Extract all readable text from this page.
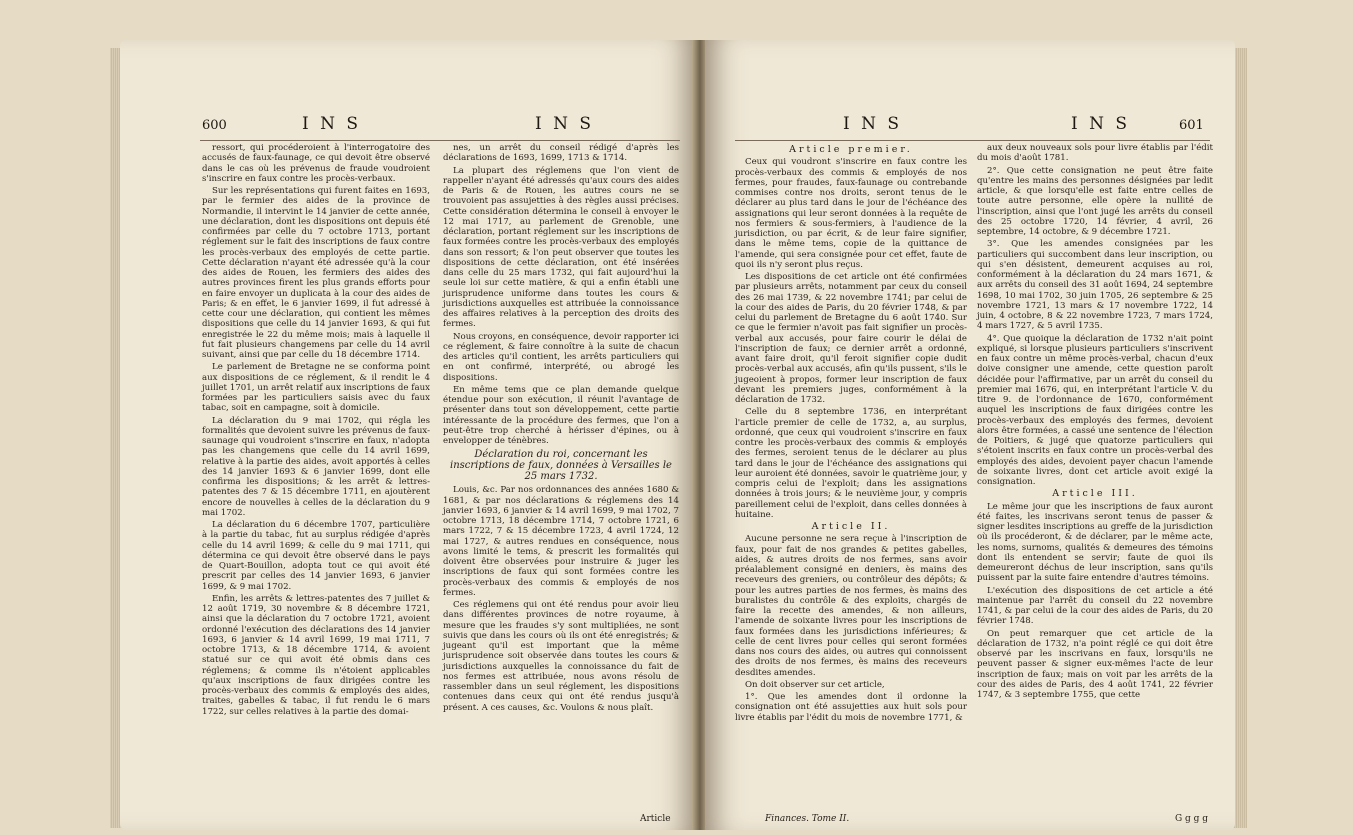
600	I N S	I N S

ressort, qui procéderoient à l'interrogatoire des accusés de faux-faunage, ce qui devoit être observé dans le cas où les prévenus de fraude voudroient s'inscrire en faux contre les procès-verbaux.

Sur les représentations qui furent faites en 1693, par le fermier des aides de la province de Normandie, il intervint le 14 janvier de cette année, une déclaration, dont les dispositions ont depuis été confirmées par celle du 7 octobre 1713, portant réglement sur le fait des inscriptions de faux contre les procès-verbaux des employés de cette partie. Cette déclaration n'ayant été adressée qu'à la cour des aides de Rouen, les fermiers des aides des autres provinces firent les plus grands efforts pour en faire envoyer un duplicata à la cour des aides de Paris; & en effet, le 6 janvier 1699, il fut adressé à cette cour une déclaration, qui contient les mêmes dispositions que celle du 14 janvier 1693, & qui fut enregistrée le 22 du même mois; mais à laquelle il fut fait plusieurs changemens par celle du 14 avril suivant, ainsi que par celle du 18 décembre 1714.

Le parlement de Bretagne ne se conforma point aux dispositions de ce réglement, & il rendit le 4 juillet 1701, un arrêt relatif aux inscriptions de faux formées par les particuliers saisis avec du faux tabac, soit en campagne, soit à domicile.

La déclaration du 9 mai 1702, qui régla les formalités que devoient suivre les prévenus de faux-saunage qui voudroient s'inscrire en faux, n'adopta pas les changemens que celle du 14 avril 1699, relative à la partie des aides, avoit apportés à celles des 14 janvier 1693 & 6 janvier 1699, dont elle confirma les dispositions; & les arrêt & lettres-patentes des 7 & 15 décembre 1711, en ajoutèrent encore de nouvelles à celles de la déclaration du 9 mai 1702.

La déclaration du 6 décembre 1707, particulière à la partie du tabac, fut au surplus rédigée d'après celle du 14 avril 1699; & celle du 9 mai 1711, qui détermina ce qui devoit être observé dans le pays de Quart-Bouillon, adopta tout ce qui avoit été prescrit par celles des 14 janvier 1693, 6 janvier 1699, & 9 mai 1702.

Enfin, les arrêts & lettres-patentes des 7 juillet & 12 août 1719, 30 novembre & 8 décembre 1721, ainsi que la déclaration du 7 octobre 1721, avoient ordonné l'exécution des déclarations des 14 janvier 1693, 6 janvier & 14 avril 1699, 19 mai 1711, 7 octobre 1713, & 18 décembre 1714, & avoient statué sur ce qui avoit été obmis dans ces réglemens; & comme ils n'étoient applicables qu'aux inscriptions de faux dirigées contre les procès-verbaux des commis & employés des aides, traites, gabelles & tabac, il fut rendu le 6 mars 1722, sur celles relatives à la partie des domai-

nes, un arrêt du conseil rédigé d'après les déclarations de 1693, 1699, 1713 & 1714.

La plupart des réglemens que l'on vient de rappeller n'ayant été adressés qu'aux cours des aides de Paris & de Rouen, les autres cours ne se trouvoient pas assujetties à des règles aussi précises. Cette considération détermina le conseil à envoyer le 12 mai 1717, au parlement de Grenoble, une déclaration, portant réglement sur les inscriptions de faux formées contre les procès-verbaux des employés dans son ressort; & l'on peut observer que toutes les dispositions de cette déclaration, ont été insérées dans celle du 25 mars 1732, qui fait aujourd'hui la seule loi sur cette matière, & qui a enfin établi une jurisprudence uniforme dans toutes les cours & jurisdictions auxquelles est attribuée la connoissance des affaires relatives à la perception des droits des fermes.

Nous croyons, en conséquence, devoir rapporter ici ce réglement, & faire connoître à la suite de chacun des articles qu'il contient, les arrêts particuliers qui en ont confirmé, interprété, ou abrogé les dispositions.

En même tems que ce plan demande quelque étendue pour son exécution, il réunit l'avantage de présenter dans tout son développement, cette partie intéressante de la procédure des fermes, que l'on a peut-être trop cherché à hérisser d'épines, ou à envelopper de ténèbres.

Déclaration du roi, concernant les inscriptions de faux, données à Versailles le 25 mars 1732.

Louis, &c. Par nos ordonnances des années 1680 & 1681, & par nos déclarations & réglemens des 14 janvier 1693, 6 janvier & 14 avril 1699, 9 mai 1702, 7 octobre 1713, 18 décembre 1714, 7 octobre 1721, 6 mars 1722, 7 & 15 décembre 1723, 4 avril 1724, 12 mai 1727, & autres rendues en conséquence, nous avons limité le tems, & prescrit les formalités qui doivent être observées pour instruire & juger les inscriptions de faux qui sont formées contre les procès-verbaux des commis & employés de nos fermes.

Ces réglemens qui ont été rendus pour avoir lieu dans différentes provinces de notre royaume, à mesure que les fraudes s'y sont multipliées, ne sont suivis que dans les cours où ils ont été enregistrés; & jugeant qu'il est important que la même jurisprudence soit observée dans toutes les cours & jurisdictions auxquelles la connoissance du fait de nos fermes est attribuée, nous avons résolu de rassembler dans un seul réglement, les dispositions contenues dans ceux qui ont été rendus jusqu'à présent. A ces causes, &c. Voulons & nous plaît.

Article
I N S	I N S	601
Article premier.

Ceux qui voudront s'inscrire en faux contre les procès-verbaux des commis & employés de nos fermes, pour fraudes, faux-faunage ou contrebande commises contre nos droits, seront tenus de le déclarer au plus tard dans le jour de l'échéance des assignations qui leur seront données à la requête de nos fermiers & sous-fermiers, à l'audience de la jurisdiction, ou par écrit, & de leur faire signifier, dans le même tems, copie de la quittance de l'amende, qui sera consignée pour cet effet, faute de quoi ils n'y seront plus reçus.

Les dispositions de cet article ont été confirmées par plusieurs arrêts, notamment par ceux du conseil des 26 mai 1739, & 22 novembre 1741; par celui de la cour des aides de Paris, du 20 février 1748, & par celui du parlement de Bretagne du 6 août 1740. Sur ce que le fermier n'avoit pas fait signifier un procès-verbal aux accusés, pour faire courir le délai de l'inscription de faux; ce dernier arrêt a ordonné, avant faire droit, qu'il feroit signifier copie dudit procès-verbal aux accusés, afin qu'ils pussent, s'ils le jugeoient à propos, former leur inscription de faux devant les premiers juges, conformément à la déclaration de 1732.

Celle du 8 septembre 1736, en interprétant l'article premier de celle de 1732, a, au surplus, ordonné, que ceux qui voudroient s'inscrire en faux contre les procès-verbaux des commis & employés des fermes, seroient tenus de le déclarer au plus tard dans le jour de l'échéance des assignations qui leur auroient été données, savoir le quatrième jour, y compris celui de l'exploit; dans les assignations données à trois jours; & le neuvième jour, y compris pareillement celui de l'exploit, dans celles données à huitaine.

Article II.

Aucune personne ne sera reçue à l'inscription de faux, pour fait de nos grandes & petites gabelles, aides, & autres droits de nos fermes, sans avoir préalablement consigné en deniers, ès mains des receveurs des greniers, ou contrôleur des dépôts; & pour les autres parties de nos fermes, ès mains des buralistes du contrôle & des exploits, chargés de faire la recette des amendes, & non ailleurs, l'amende de soixante livres pour les inscriptions de faux formées dans les jurisdictions inférieures; & celle de cent livres pour celles qui seront formées dans nos cours des aides, ou autres qui connoissent des droits de nos fermes, ès mains des receveurs desdites amendes.

On doit observer sur cet article,

1°. Que les amendes dont il ordonne la consignation ont été assujetties aux huit sols pour livre établis par l'édit du mois de novembre 1771, &

Finances. Tome II.

aux deux nouveaux sols pour livre établis par l'édit du mois d'août 1781.

2°. Que cette consignation ne peut être faite qu'entre les mains des personnes désignées par ledit article, & que lorsqu'elle est faite entre celles de toute autre personne, elle opère la nullité de l'inscription, ainsi que l'ont jugé les arrêts du conseil des 25 octobre 1720, 14 février, 4 avril, 26 septembre, 14 octobre, & 9 décembre 1721.

3°. Que les amendes consignées par les particuliers qui succombent dans leur inscription, ou qui s'en désistent, demeurent acquises au roi, conformément à la déclaration du 24 mars 1671, & aux arrêts du conseil des 31 août 1694, 24 septembre 1698, 10 mai 1702, 30 juin 1705, 26 septembre & 25 novembre 1721, 13 mars & 17 novembre 1722, 14 juin, 4 octobre, 8 & 22 novembre 1723, 7 mars 1724, 4 mars 1727, & 5 avril 1735.

4°. Que quoique la déclaration de 1732 n'ait point expliqué, si lorsque plusieurs particuliers s'inscrivent en faux contre un même procès-verbal, chacun d'eux doive consigner une amende, cette question paroît décidée pour l'affirmative, par un arrêt du conseil du premier mai 1676, qui, en interprétant l'article V. du titre 9. de l'ordonnance de 1670, conformément auquel les inscriptions de faux dirigées contre les procès-verbaux des employés des fermes, devoient alors être formées, a cassé une sentence de l'élection de Poitiers, & jugé que quatorze particuliers qui s'étoient inscrits en faux contre un procès-verbal des employés des aides, devoient payer chacun l'amende de soixante livres, dont cet article avoit exigé la consignation.

Article III.

Le même jour que les inscriptions de faux auront été faites, les inscrivans seront tenus de passer & signer lesdites inscriptions au greffe de la jurisdiction où ils procéderont, & de déclarer, par le même acte, les noms, surnoms, qualités & demeures des témoins dont ils entendent se servir; faute de quoi ils demeureront déchus de leur inscription, sans qu'ils puissent par la suite faire entendre d'autres témoins.

L'exécution des dispositions de cet article a été maintenue par l'arrêt du conseil du 22 novembre 1741, & par celui de la cour des aides de Paris, du 20 février 1748.

On peut remarquer que cet article de la déclaration de 1732, n'a point réglé ce qui doit être observé par les inscrivans en faux, lorsqu'ils ne peuvent passer & signer eux-mêmes l'acte de leur inscription de faux; mais on voit par les arrêts de la cour des aides de Paris, des 4 août 1741, 22 février 1747, & 3 septembre 1755, que cette

G g g g
